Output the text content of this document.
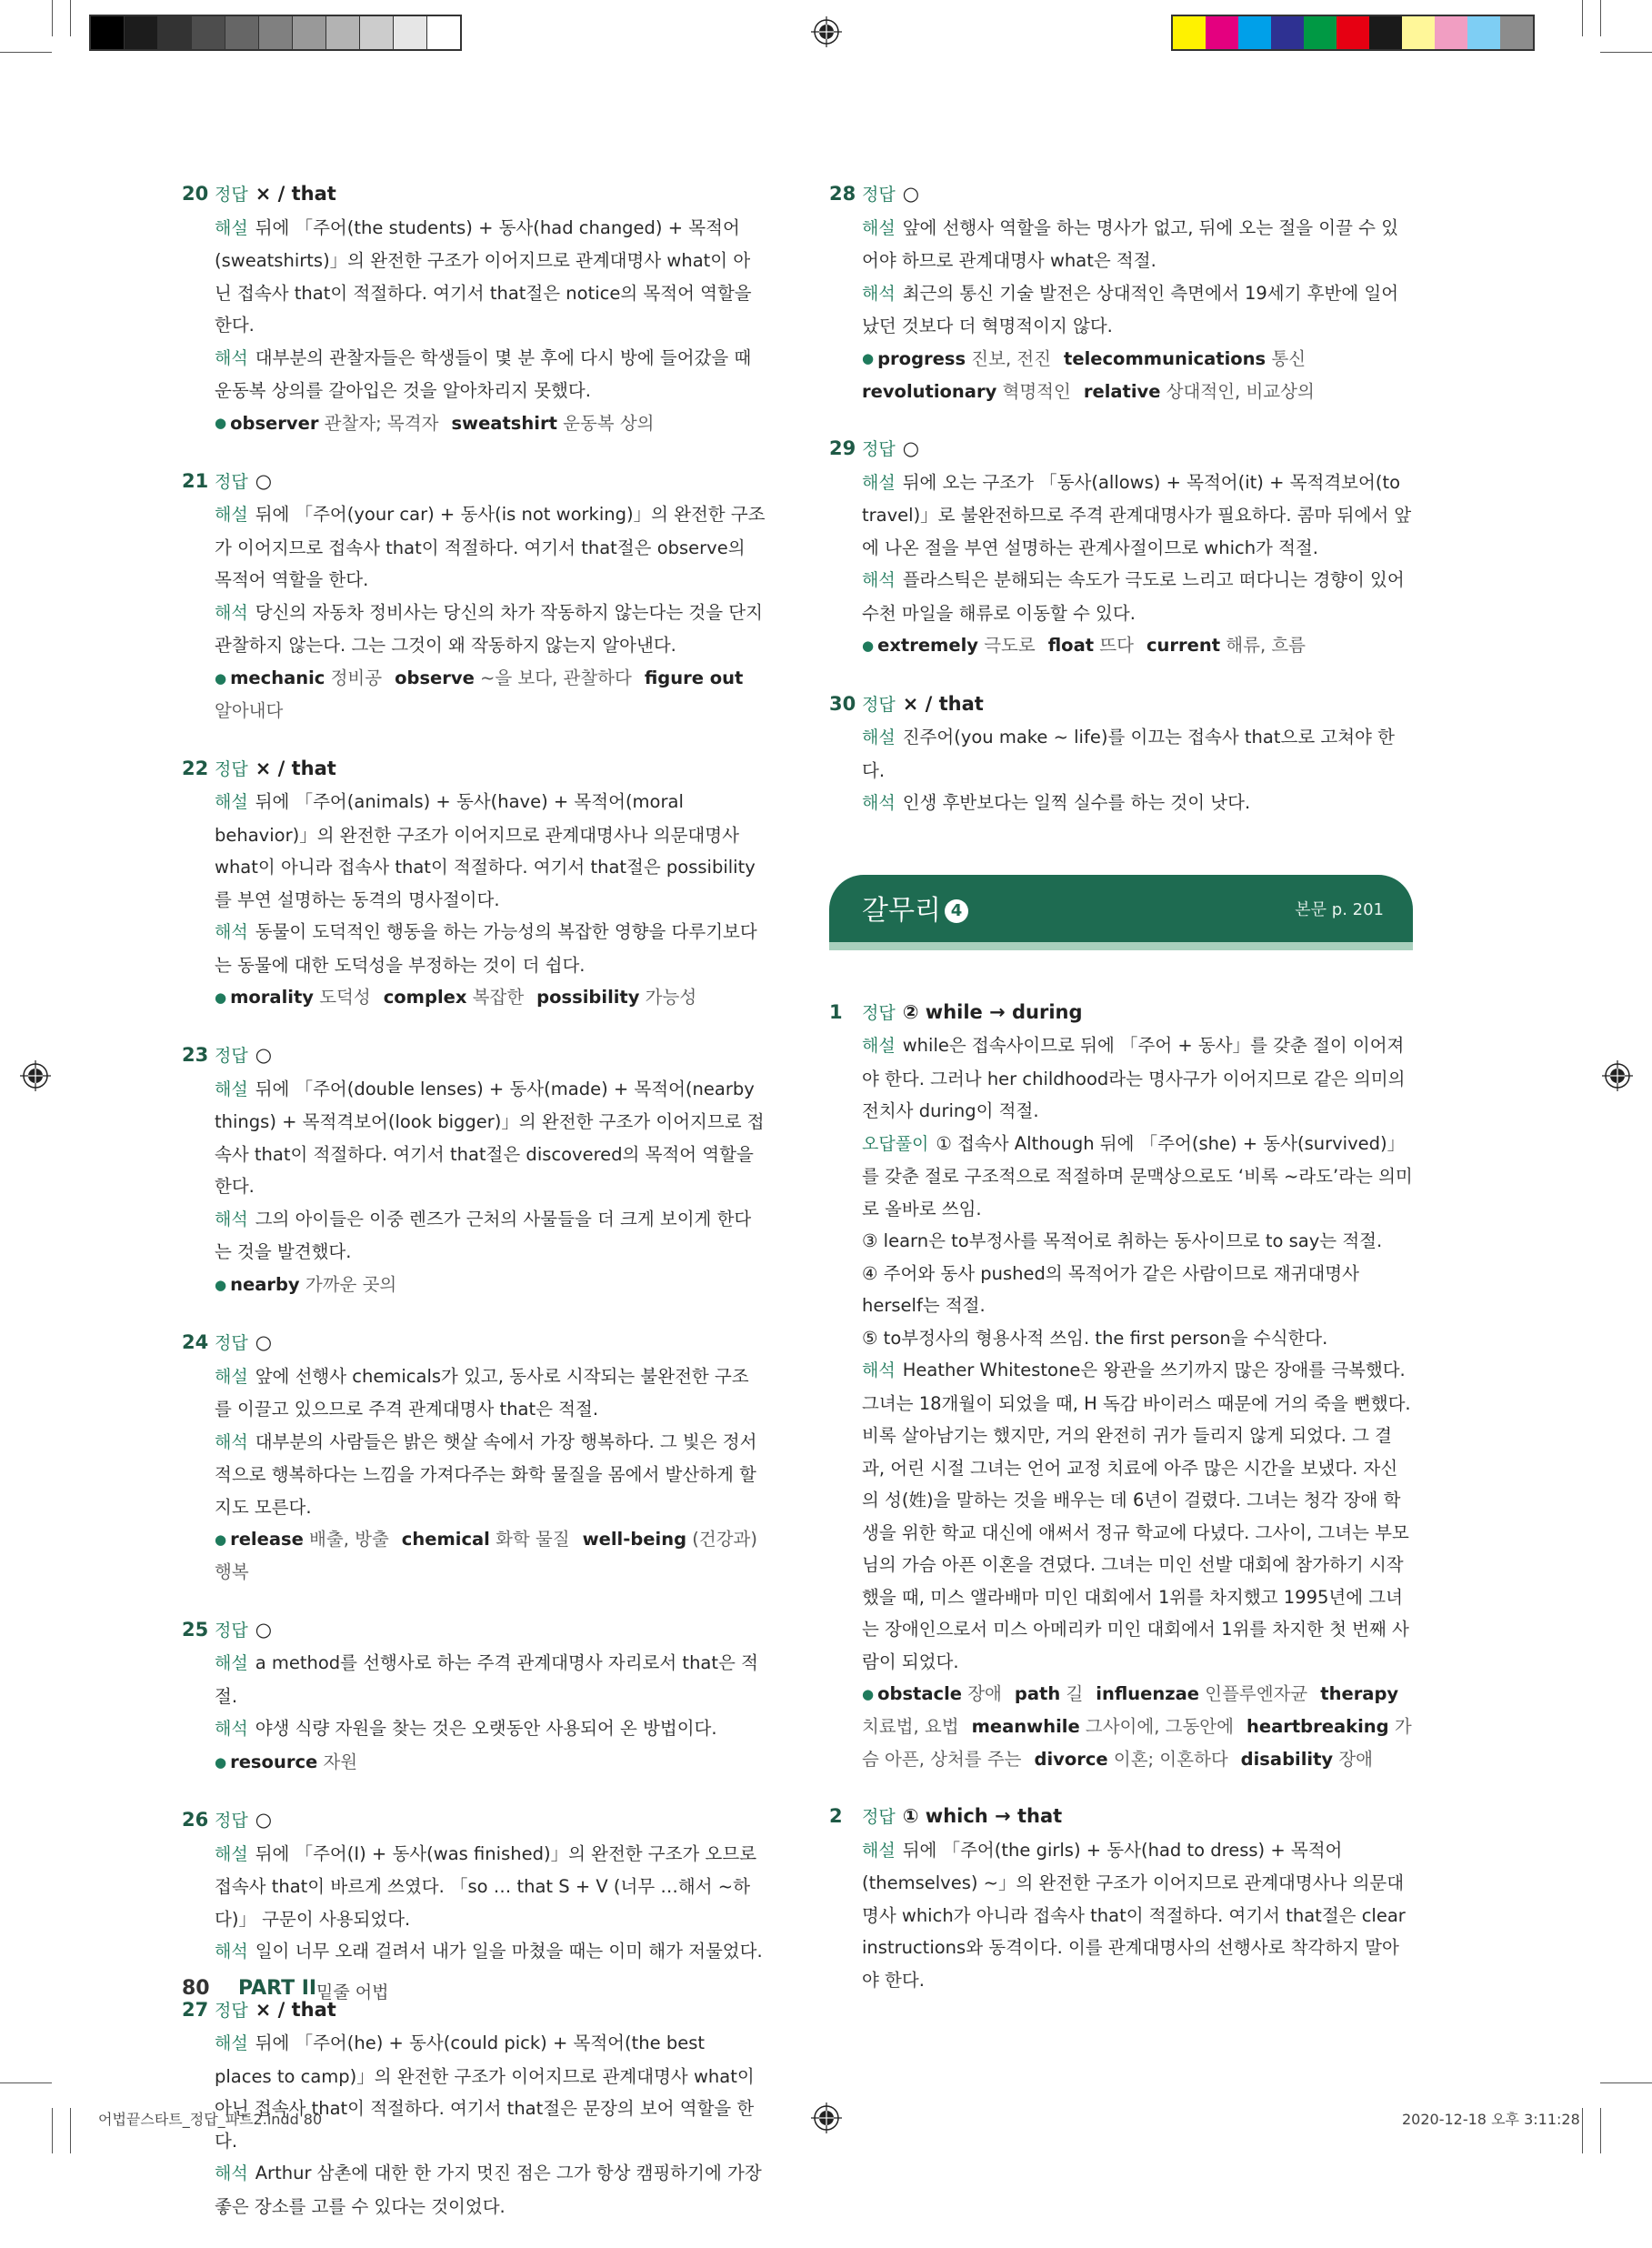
20 정답 × / that

해설 뒤에 「주어(the students) + 동사(had changed) + 목적어(sweatshirts)」의 완전한 구조가 이어지므로 관계대명사 what이 아닌 접속사 that이 적절하다. 여기서 that절은 notice의 목적어 역할을 한다.

해석 대부분의 관찰자들은 학생들이 몇 분 후에 다시 방에 들어갔을 때 운동복 상의를 갈아입은 것을 알아차리지 못했다.

● observer 관찰자; 목격자 sweatshirt 운동복 상의

21 정답 ○

해설 뒤에 「주어(your car) + 동사(is not working)」의 완전한 구조가 이어지므로 접속사 that이 적절하다. 여기서 that절은 observe의 목적어 역할을 한다.

해석 당신의 자동차 정비사는 당신의 차가 작동하지 않는다는 것을 단지 관찰하지 않는다. 그는 그것이 왜 작동하지 않는지 알아낸다.

● mechanic 정비공 observe ~을 보다, 관찰하다 figure out 알아내다

22 정답 × / that

해설 뒤에 「주어(animals) + 동사(have) + 목적어(moral behavior)」의 완전한 구조가 이어지므로 관계대명사나 의문대명사 what이 아니라 접속사 that이 적절하다. 여기서 that절은 possibility를 부연 설명하는 동격의 명사절이다.

해석 동물이 도덕적인 행동을 하는 가능성의 복잡한 영향을 다루기보다는 동물에 대한 도덕성을 부정하는 것이 더 쉽다.

● morality 도덕성 complex 복잡한 possibility 가능성

23 정답 ○

해설 뒤에 「주어(double lenses) + 동사(made) + 목적어(nearby things) + 목적격보어(look bigger)」의 완전한 구조가 이어지므로 접속사 that이 적절하다. 여기서 that절은 discovered의 목적어 역할을 한다.

해석 그의 아이들은 이중 렌즈가 근처의 사물들을 더 크게 보이게 한다는 것을 발견했다.

● nearby 가까운 곳의

24 정답 ○

해설 앞에 선행사 chemicals가 있고, 동사로 시작되는 불완전한 구조를 이끌고 있으므로 주격 관계대명사 that은 적절.

해석 대부분의 사람들은 밝은 햇살 속에서 가장 행복하다. 그 빛은 정서적으로 행복하다는 느낌을 가져다주는 화학 물질을 몸에서 발산하게 할지도 모른다.

● release 배출, 방출 chemical 화학 물질 well-being (건강과) 행복

25 정답 ○

해설 a method를 선행사로 하는 주격 관계대명사 자리로서 that은 적절.

해석 야생 식량 자원을 찾는 것은 오랫동안 사용되어 온 방법이다.

● resource 자원

26 정답 ○

해설 뒤에 「주어(I) + 동사(was finished)」의 완전한 구조가 오므로 접속사 that이 바르게 쓰였다. 「so … that S + V (너무 …해서 ~하다)」 구문이 사용되었다.

해석 일이 너무 오래 걸려서 내가 일을 마쳤을 때는 이미 해가 저물었다.

27 정답 × / that

해설 뒤에 「주어(he) + 동사(could pick) + 목적어(the best places to camp)」의 완전한 구조가 이어지므로 관계대명사 what이 아닌 접속사 that이 적절하다. 여기서 that절은 문장의 보어 역할을 한다.

해석 Arthur 삼촌에 대한 한 가지 멋진 점은 그가 항상 캠핑하기에 가장 좋은 장소를 고를 수 있다는 것이었다.

28 정답 ○

해설 앞에 선행사 역할을 하는 명사가 없고, 뒤에 오는 절을 이끌 수 있어야 하므로 관계대명사 what은 적절.

해석 최근의 통신 기술 발전은 상대적인 측면에서 19세기 후반에 일어났던 것보다 더 혁명적이지 않다.

● progress 진보, 전진 telecommunications 통신revolutionary 혁명적인 relative 상대적인, 비교상의

29 정답 ○

해설 뒤에 오는 구조가 「동사(allows) + 목적어(it) + 목적격보어(to travel)」로 불완전하므로 주격 관계대명사가 필요하다. 콤마 뒤에서 앞에 나온 절을 부연 설명하는 관계사절이므로 which가 적절.

해석 플라스틱은 분해되는 속도가 극도로 느리고 떠다니는 경향이 있어 수천 마일을 해류로 이동할 수 있다.

● extremely 극도로 float 뜨다 current 해류, 흐름

30 정답 × / that

해설 진주어(you make ~ life)를 이끄는 접속사 that으로 고쳐야 한다.

해석 인생 후반보다는 일찍 실수를 하는 것이 낫다.

갈무리 4	본문 p. 201
1 정답 ② while → during

해설 while은 접속사이므로 뒤에 「주어 + 동사」를 갖춘 절이 이어져야 한다. 그러나 her childhood라는 명사구가 이어지므로 같은 의미의 전치사 during이 적절.

오답풀이 ① 접속사 Although 뒤에 「주어(she) + 동사(survived)」를 갖춘 절로 구조적으로 적절하며 문맥상으로도 ‘비록 ~라도’라는 의미로 올바로 쓰임.

③ learn은 to부정사를 목적어로 취하는 동사이므로 to say는 적절.

④ 주어와 동사 pushed의 목적어가 같은 사람이므로 재귀대명사 herself는 적절.

⑤ to부정사의 형용사적 쓰임. the first person을 수식한다.

해석 Heather Whitestone은 왕관을 쓰기까지 많은 장애를 극복했다. 그녀는 18개월이 되었을 때, H 독감 바이러스 때문에 거의 죽을 뻔했다. 비록 살아남기는 했지만, 거의 완전히 귀가 들리지 않게 되었다. 그 결과, 어린 시절 그녀는 언어 교정 치료에 아주 많은 시간을 보냈다. 자신의 성(姓)을 말하는 것을 배우는 데 6년이 걸렸다. 그녀는 청각 장애 학생을 위한 학교 대신에 애써서 정규 학교에 다녔다. 그사이, 그녀는 부모님의 가슴 아픈 이혼을 견뎠다. 그녀는 미인 선발 대회에 참가하기 시작했을 때, 미스 앨라배마 미인 대회에서 1위를 차지했고 1995년에 그녀는 장애인으로서 미스 아메리카 미인 대회에서 1위를 차지한 첫 번째 사람이 되었다.

● obstacle 장애 path 길 influenzae 인플루엔자균 therapy 치료법, 요법 meanwhile 그사이에, 그동안에 heartbreaking 가슴 아픈, 상처를 주는 divorce 이혼; 이혼하다 disability 장애

2 정답 ① which → that

해설 뒤에 「주어(the girls) + 동사(had to dress) + 목적어(themselves) ~」의 완전한 구조가 이어지므로 관계대명사나 의문대명사 which가 아니라 접속사 that이 적절하다. 여기서 that절은 clear instructions와 동격이다. 이를 관계대명사의 선행사로 착각하지 말아야 한다.

80 PART II 밑줄 어법
어법끝스타트_정답_파트2.indd 80	2020-12-18 오후 3:11:28
